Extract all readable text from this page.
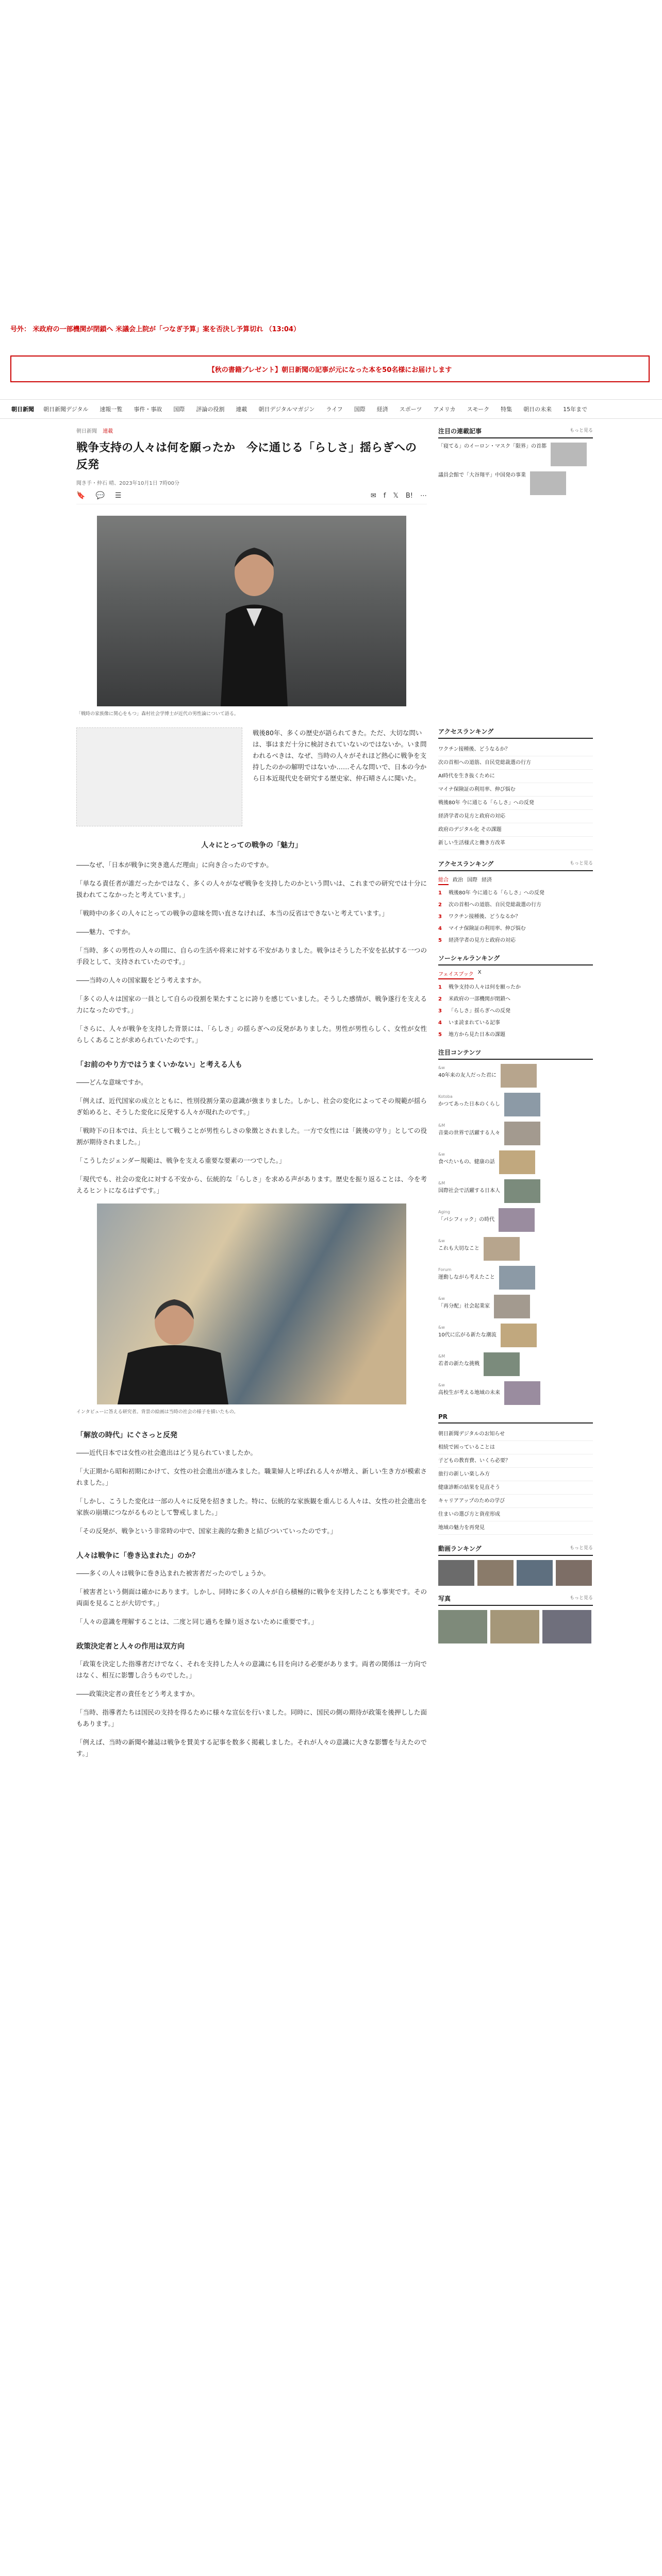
号外： 米政府の一部機関が閉鎖へ 米議会上院が「つなぎ予算」案を否決し予算切れ （13:04）
【秋の書籍プレゼント】朝日新聞の記事が元になった本を50名様にお届けします
朝日新聞 朝日新聞デジタル 速報一覧 事件・事故 国際 評論の役割 連載 朝日デジタルマガジン ライフ 国際 経済 スポーツ アメリカ スモーク 特集 朝日の未来 15年まで
朝日新聞 連載
戦争支持の人々は何を願ったか　今に通じる「らしさ」揺らぎへの反発
聞き手・仲石 晴、2023年10月1日 7時00分
🔖 💬 ☰	✉ f 𝕏 B! ⋯
「戦時の家族像に関心をもつ」森村社会学博士が近代の男性論について語る。

戦後80年、多くの歴史が語られてきた。ただ、大切な問いは、事はまだ十分に検討されていないのではないか。いま問われるべきは、なぜ、当時の人々がそれほど熱心に戦争を支持したのかの解明ではないか……そんな問いで、日本の今から日本近現代史を研究する歴史家、仲石晴さんに聞いた。

人々にとっての戦争の「魅力」

――なぜ、「日本が戦争に突き進んだ理由」に向き合ったのですか。

「単なる責任者が誰だったかではなく、多くの人々がなぜ戦争を支持したのかという問いは、これまでの研究では十分に扱われてこなかったと考えています。」

「戦時中の多くの人々にとっての戦争の意味を問い直さなければ、本当の反省はできないと考えています。」

――魅力、ですか。

「当時、多くの男性の人々の間に、自らの生活や将来に対する不安がありました。戦争はそうした不安を払拭する一つの手段として、支持されていたのです。」

――当時の人々の国家観をどう考えますか。

「多くの人々は国家の一員として自らの役割を果たすことに誇りを感じていました。そうした感情が、戦争遂行を支える力になったのです。」

「さらに、人々が戦争を支持した背景には、「らしさ」の揺らぎへの反発がありました。男性が男性らしく、女性が女性らしくあることが求められていたのです。」

「お前のやり方ではうまくいかない」と考える人も

――どんな意味ですか。

「例えば、近代国家の成立とともに、性別役割分業の意識が強まりました。しかし、社会の変化によってその規範が揺らぎ始めると、そうした変化に反発する人々が現れたのです。」

「戦時下の日本では、兵士として戦うことが男性らしさの象徴とされました。一方で女性には「銃後の守り」としての役割が期待されました。」

「こうしたジェンダー規範は、戦争を支える重要な要素の一つでした。」

「現代でも、社会の変化に対する不安から、伝統的な「らしさ」を求める声があります。歴史を振り返ることは、今を考えるヒントになるはずです。」

インタビューに答える研究者。背景の絵画は当時の社会の様子を描いたもの。
「解放の時代」にぐさっと反発

――近代日本では女性の社会進出はどう見られていましたか。

「大正期から昭和初期にかけて、女性の社会進出が進みました。職業婦人と呼ばれる人々が増え、新しい生き方が模索されました。」

「しかし、こうした変化は一部の人々に反発を招きました。特に、伝統的な家族観を重んじる人々は、女性の社会進出を家族の崩壊につながるものとして警戒しました。」

「その反発が、戦争という非常時の中で、国家主義的な動きと結びついていったのです。」

人々は戦争に「巻き込まれた」のか？

――多くの人々は戦争に巻き込まれた被害者だったのでしょうか。

「被害者という側面は確かにあります。しかし、同時に多くの人々が自ら積極的に戦争を支持したことも事実です。その両面を見ることが大切です。」

「人々の意識を理解することは、二度と同じ過ちを繰り返さないために重要です。」

政策決定者と人々の作用は双方向

「政策を決定した指導者だけでなく、それを支持した人々の意識にも目を向ける必要があります。両者の関係は一方向ではなく、相互に影響し合うものでした。」

――政策決定者の責任をどう考えますか。

「当時、指導者たちは国民の支持を得るために様々な宣伝を行いました。同時に、国民の側の期待が政策を後押しした面もあります。」

「例えば、当時の新聞や雑誌は戦争を賛美する記事を数多く掲載しました。それが人々の意識に大きな影響を与えたのです。」

注目の連載記事	もっと見る
「寝てる」のイーロン・マスク「限界」の首都
議員会館で「大谷翔平」中国発の事業
アクセスランキング
ワクチン接種後、どうなるか？
次の首相への道筋、自民党総裁選の行方
AI時代を生き抜くために
マイナ保険証の利用率、伸び悩む
戦後80年 今に通じる「らしさ」への反発
経済学者の見方と政府の対応
政府のデジタル化 その課題
新しい生活様式と働き方改革
アクセスランキング	もっと見る
総合 政治 国際 経済
1	戦後80年 今に通じる「らしさ」への反発
2	次の首相への道筋、自民党総裁選の行方
3	ワクチン接種後、どうなるか？
4	マイナ保険証の利用率、伸び悩む
5	経済学者の見方と政府の対応
ソーシャルランキング
フェイスブック X
1	戦争支持の人々は何を願ったか
2	米政府の一部機関が閉鎖へ
3	「らしさ」揺らぎへの反発
4	いま読まれている記事
5	地方から見た日本の課題
注目コンテンツ
&w
40年来の友人だった君に
Kotoba
かつてあった日本のくらし
&M
音楽の世界で活躍する人々
&w
食べたいもの、健康の話
&M
国際社会で活躍する日本人
Aging
「パシフィック」の時代
&w
これも大切なこと
Forum
運動しながら考えたこと
&w
「再分配」社会起業家
&w
10代に広がる新たな潮流
&M
若者の新たな挑戦
&w
高校生が考える地域の未来
PR
朝日新聞デジタルのお知らせ
相続で困っていることは
子どもの教育費、いくら必要？
旅行の新しい楽しみ方
健康診断の結果を見直そう
キャリアアップのための学び
住まいの選び方と資産形成
地域の魅力を再発見
動画ランキング	もっと見る
写真	もっと見る
